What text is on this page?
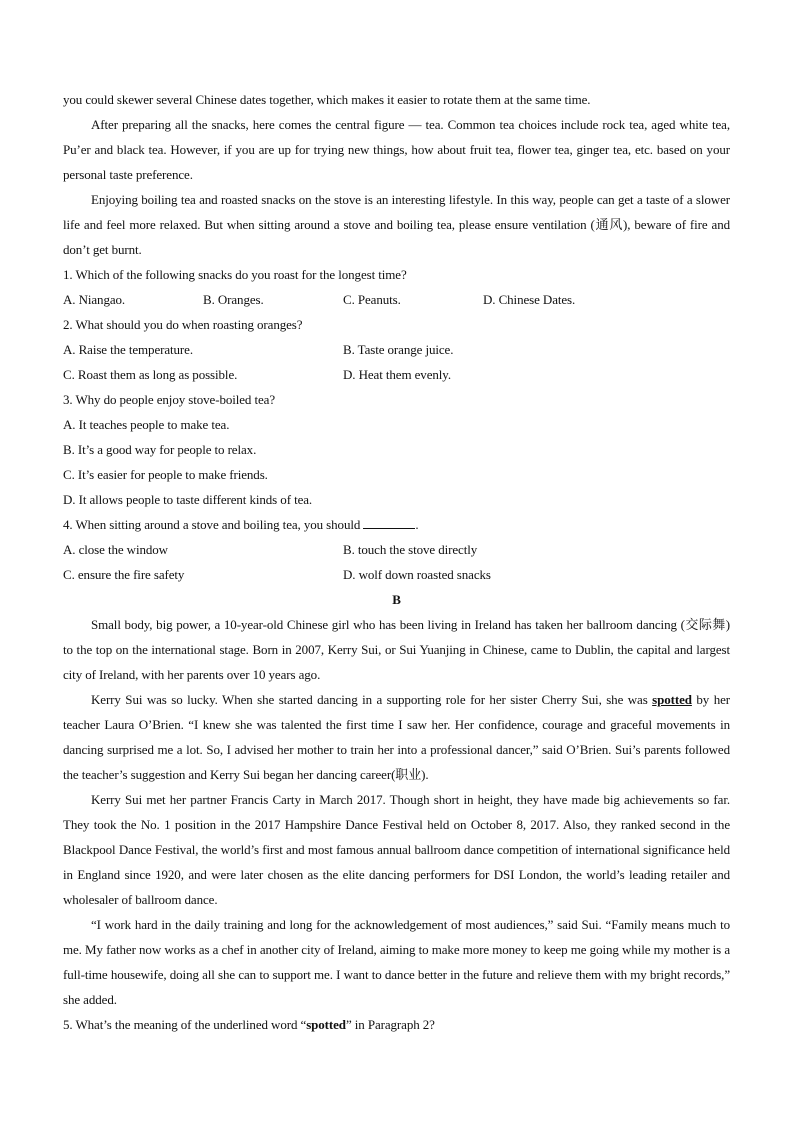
you could skewer several Chinese dates together, which makes it easier to rotate them at the same time.

After preparing all the snacks, here comes the central figure — tea. Common tea choices include rock tea, aged white tea, Pu’er and black tea. However, if you are up for trying new things, how about fruit tea, flower tea, ginger tea, etc. based on your personal taste preference.

Enjoying boiling tea and roasted snacks on the stove is an interesting lifestyle. In this way, people can get a taste of a slower life and feel more relaxed. But when sitting around a stove and boiling tea, please ensure ventilation (通风), beware of fire and don’t get burnt.

1. Which of the following snacks do you roast for the longest time?
A. Niangao.	B. Oranges.	C. Peanuts.	D. Chinese Dates.
2. What should you do when roasting oranges?
A. Raise the temperature.	B. Taste orange juice.
C. Roast them as long as possible.	D. Heat them evenly.
3. Why do people enjoy stove-boiled tea?
A. It teaches people to make tea.
B. It’s a good way for people to relax.
C. It’s easier for people to make friends.
D. It allows people to taste different kinds of tea.
4. When sitting around a stove and boiling tea, you should	.
A. close the window	B. touch the stove directly
C. ensure the fire safety	D. wolf down roasted snacks
B

Small body, big power, a 10-year-old Chinese girl who has been living in Ireland has taken her ballroom dancing (交际舞) to the top on the international stage. Born in 2007, Kerry Sui, or Sui Yuanjing in Chinese, came to Dublin, the capital and largest city of Ireland, with her parents over 10 years ago.

Kerry Sui was so lucky. When she started dancing in a supporting role for her sister Cherry Sui, she was spotted by her teacher Laura O’Brien. “I knew she was talented the first time I saw her. Her confidence, courage and graceful movements in dancing surprised me a lot. So, I advised her mother to train her into a professional dancer,” said O’Brien. Sui’s parents followed the teacher’s suggestion and Kerry Sui began her dancing career(职业).

Kerry Sui met her partner Francis Carty in March 2017. Though short in height, they have made big achievements so far. They took the No. 1 position in the 2017 Hampshire Dance Festival held on October 8, 2017. Also, they ranked second in the Blackpool Dance Festival, the world’s first and most famous annual ballroom dance competition of international significance held in England since 1920, and were later chosen as the elite dancing performers for DSI London, the world’s leading retailer and wholesaler of ballroom dance.

“I work hard in the daily training and long for the acknowledgement of most audiences,” said Sui. “Family means much to me. My father now works as a chef in another city of Ireland, aiming to make more money to keep me going while my mother is a full-time housewife, doing all she can to support me. I want to dance better in the future and relieve them with my bright records,” she added.

5. What’s the meaning of the underlined word “spotted” in Paragraph 2?
